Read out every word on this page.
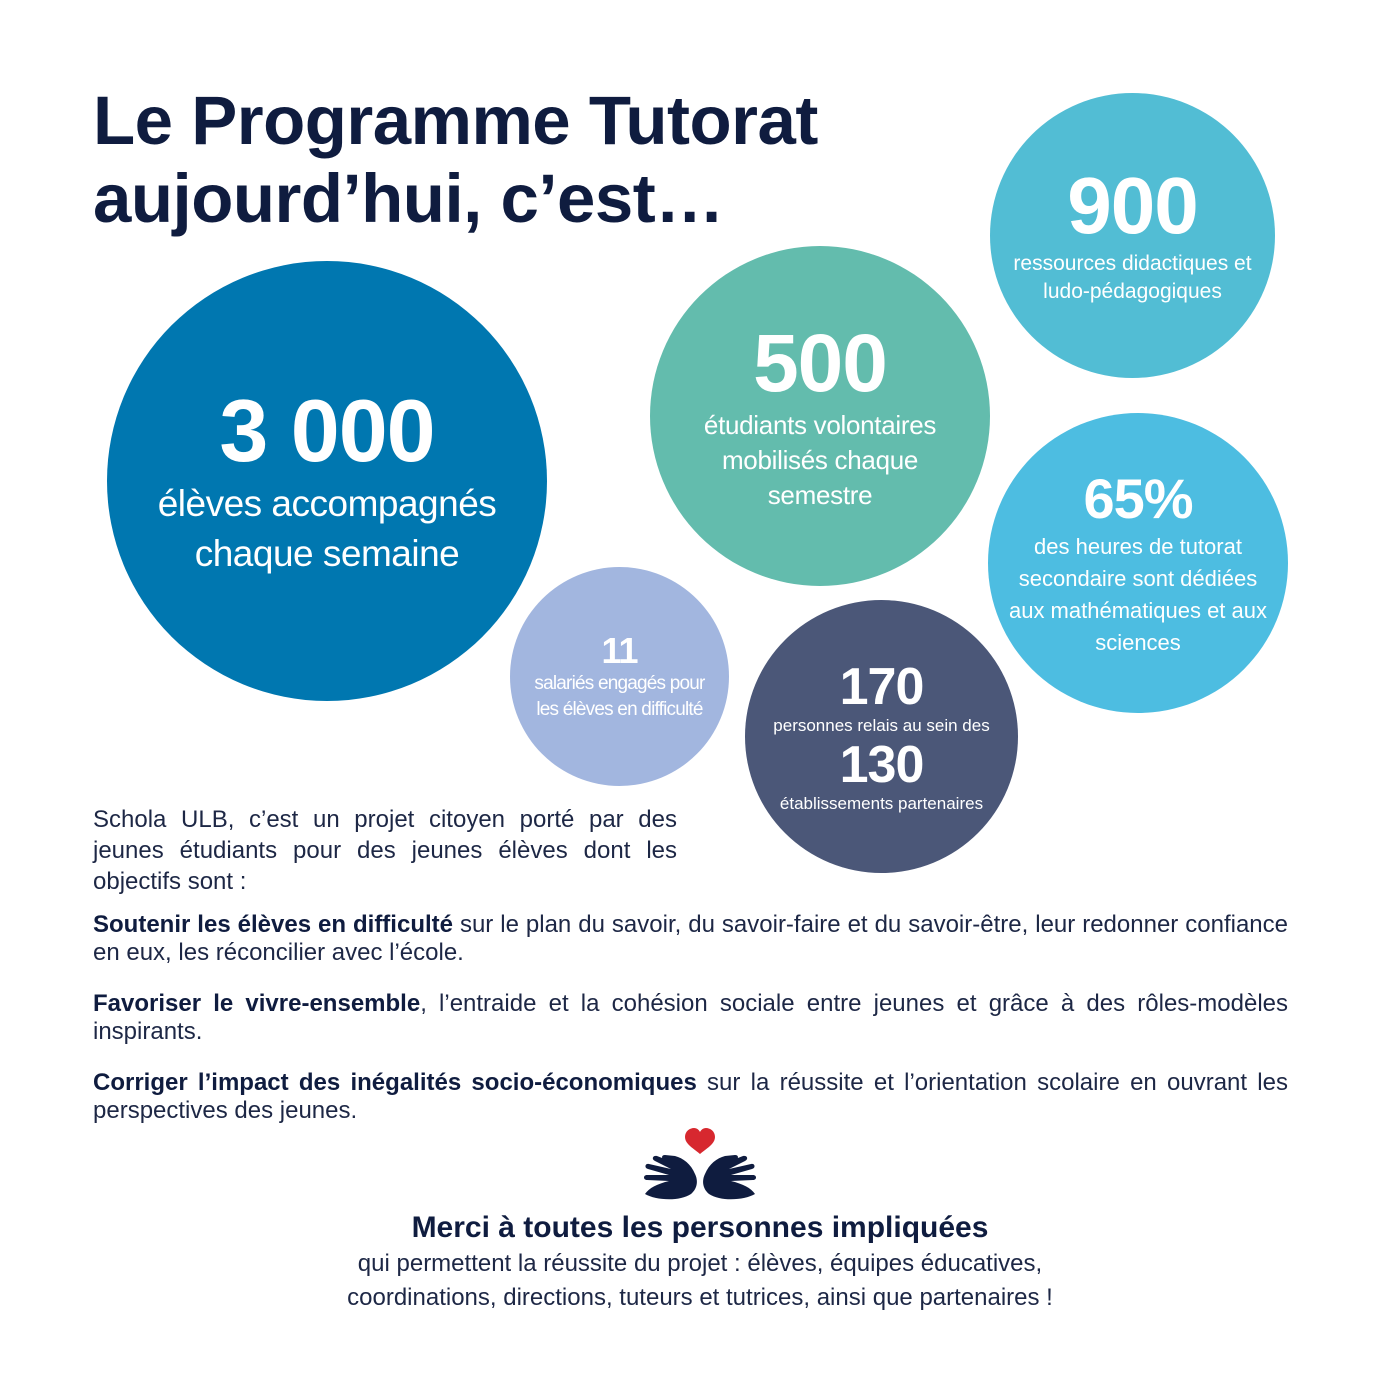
Le Programme Tutorat
aujourd’hui, c’est…
3 000
élèves accompagnés chaque semaine
500
étudiants volontaires mobilisés chaque semestre
900
ressources didactiques et ludo-pédagogiques
65%
des heures de tutorat secondaire sont dédiées aux mathématiques et aux sciences
11
salariés engagés pour les élèves en difficulté	170
personnes relais au sein des
130
établissements partenaires

Schola ULB, c’est un projet citoyen porté par des jeunes étudiants pour des jeunes élèves dont les objectifs sont :

Soutenir les élèves en difficulté sur le plan du savoir, du savoir-faire et du savoir-être, leur redonner confiance en eux, les réconcilier avec l’école.

Favoriser le vivre-ensemble, l’entraide et la cohésion sociale entre jeunes et grâce à des rôles-modèles inspirants.

Corriger l’impact des inégalités socio-économiques sur la réussite et l’orientation scolaire en ouvrant les perspectives des jeunes.

Merci à toutes les personnes impliquées

qui permettent la réussite du projet : élèves, équipes éducatives,

coordinations, directions, tuteurs et tutrices, ainsi que partenaires !
